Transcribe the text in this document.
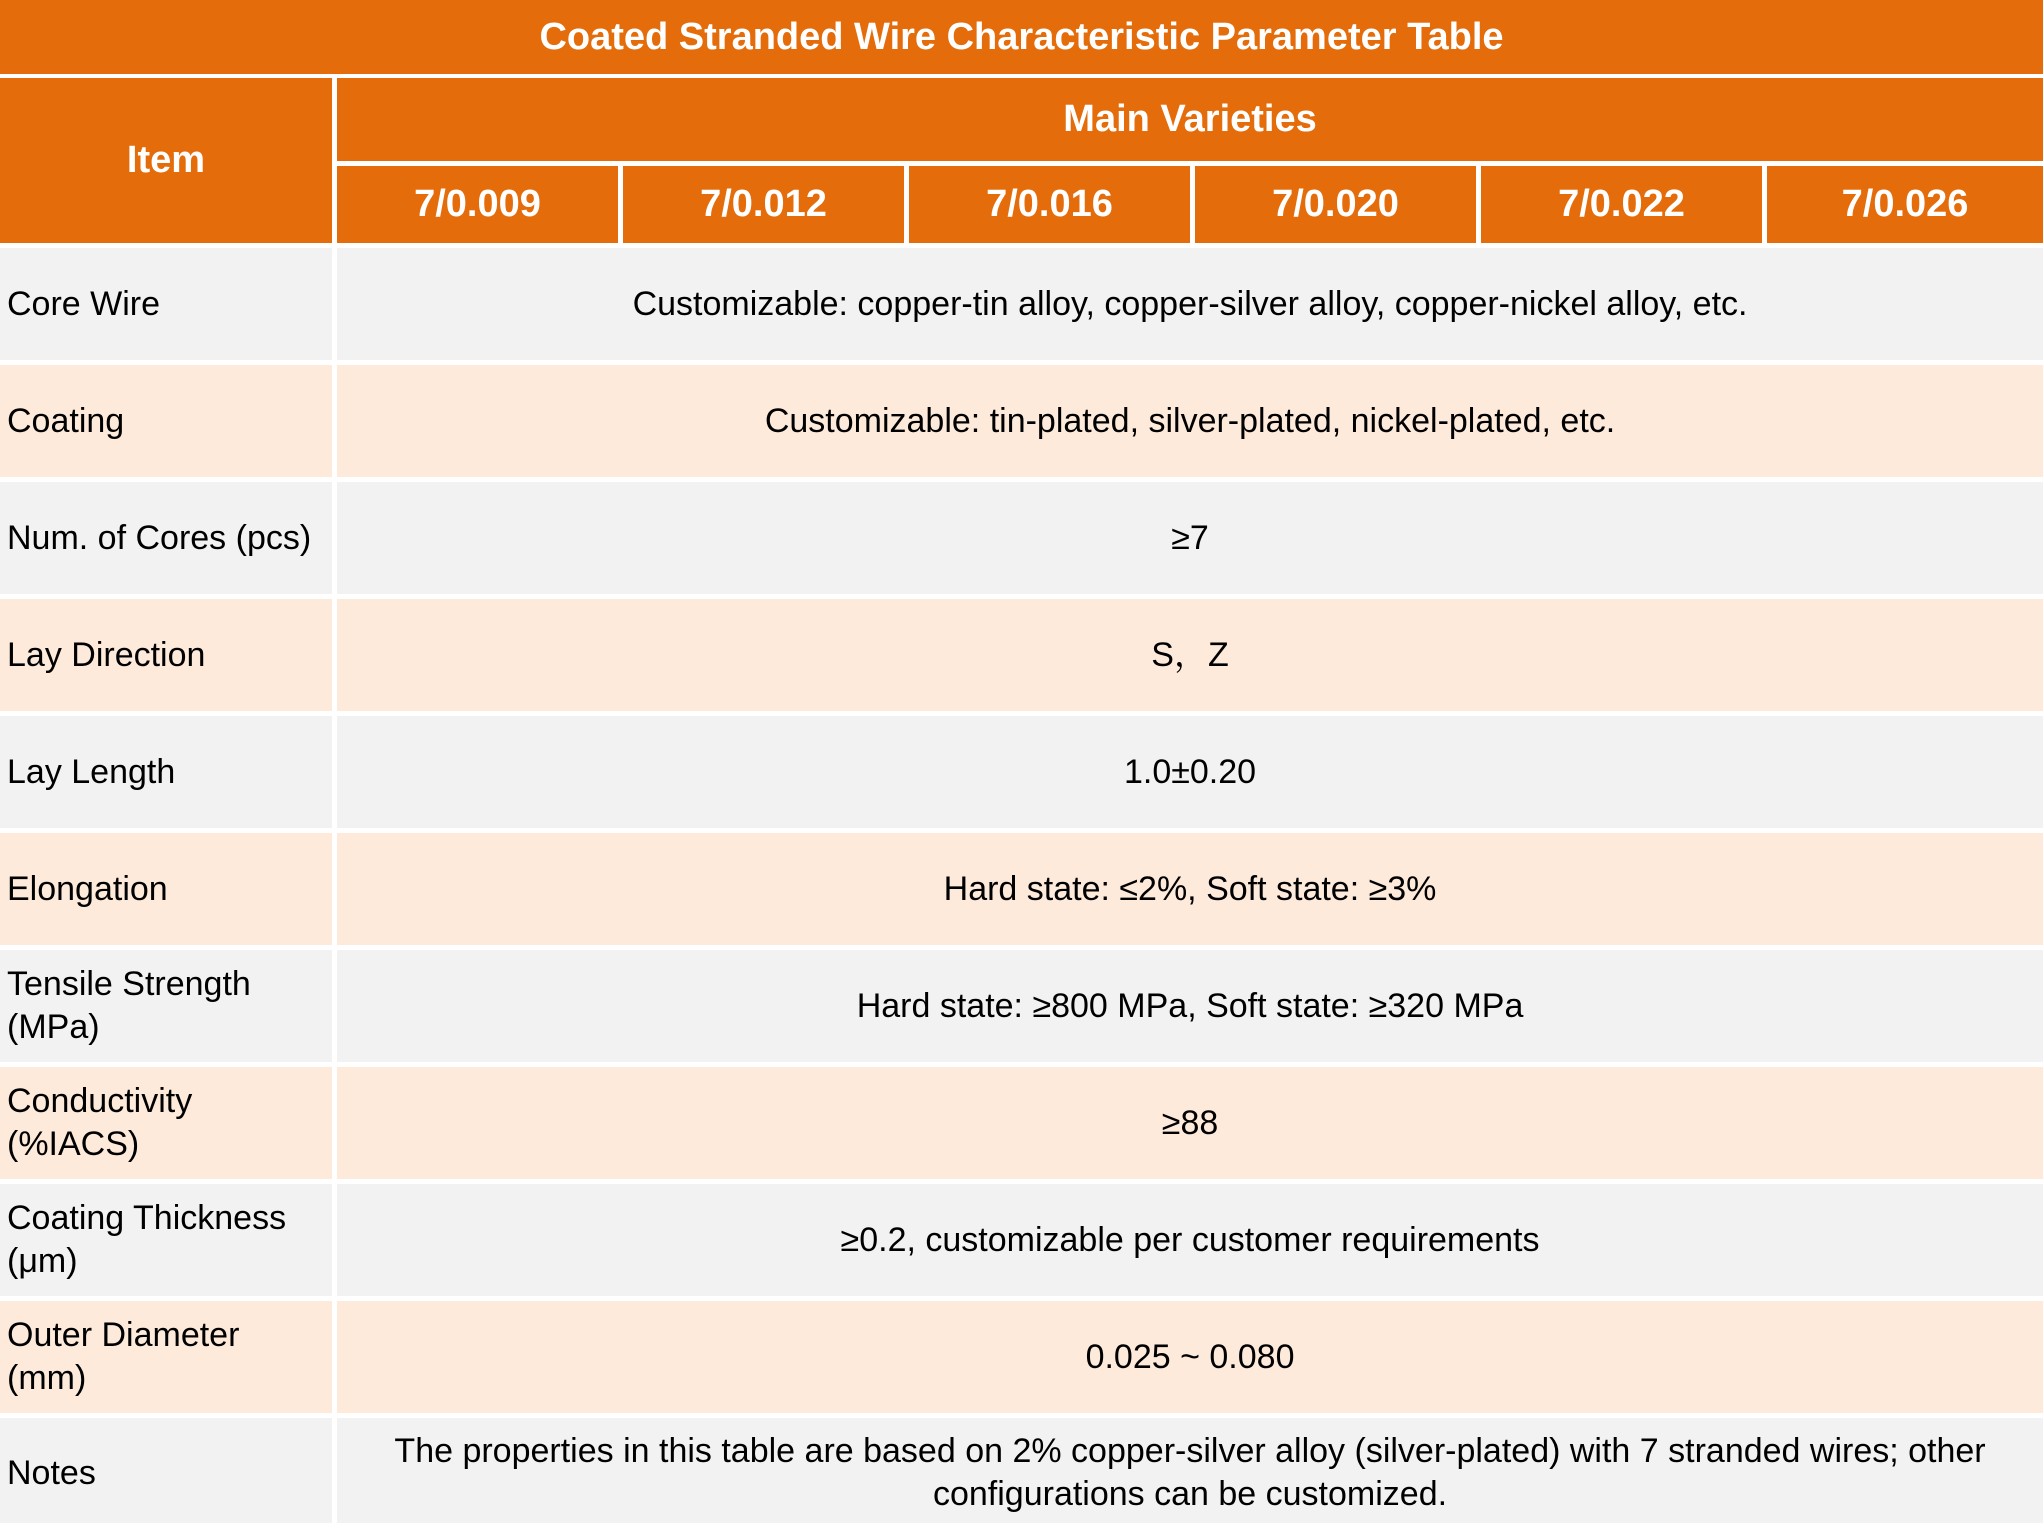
Coated Stranded Wire Characteristic Parameter Table
Item	Main Varieties					
	7/0.009	7/0.012	7/0.016	7/0.020	7/0.022	7/0.026
Core Wire	Customizable: copper-tin alloy, copper-silver alloy, copper-nickel alloy, etc.					
Coating	Customizable: tin-plated, silver-plated, nickel-plated, etc.					
Num. of Cores (pcs)	≥7					
Lay Direction	S，Z					
Lay Length	1.0±0.20					
Elongation	Hard state: ≤2%, Soft state: ≥3%					
Tensile Strength
(MPa)	Hard state: ≥800 MPa, Soft state: ≥320 MPa					
Conductivity
(%IACS)	≥88					
Coating Thickness
(μm)	≥0.2, customizable per customer requirements					
Outer Diameter
(mm)	0.025 ~ 0.080					
Notes	The properties in this table are based on 2% copper-silver alloy (silver-plated) with 7 stranded wires; other configurations can be customized.					
